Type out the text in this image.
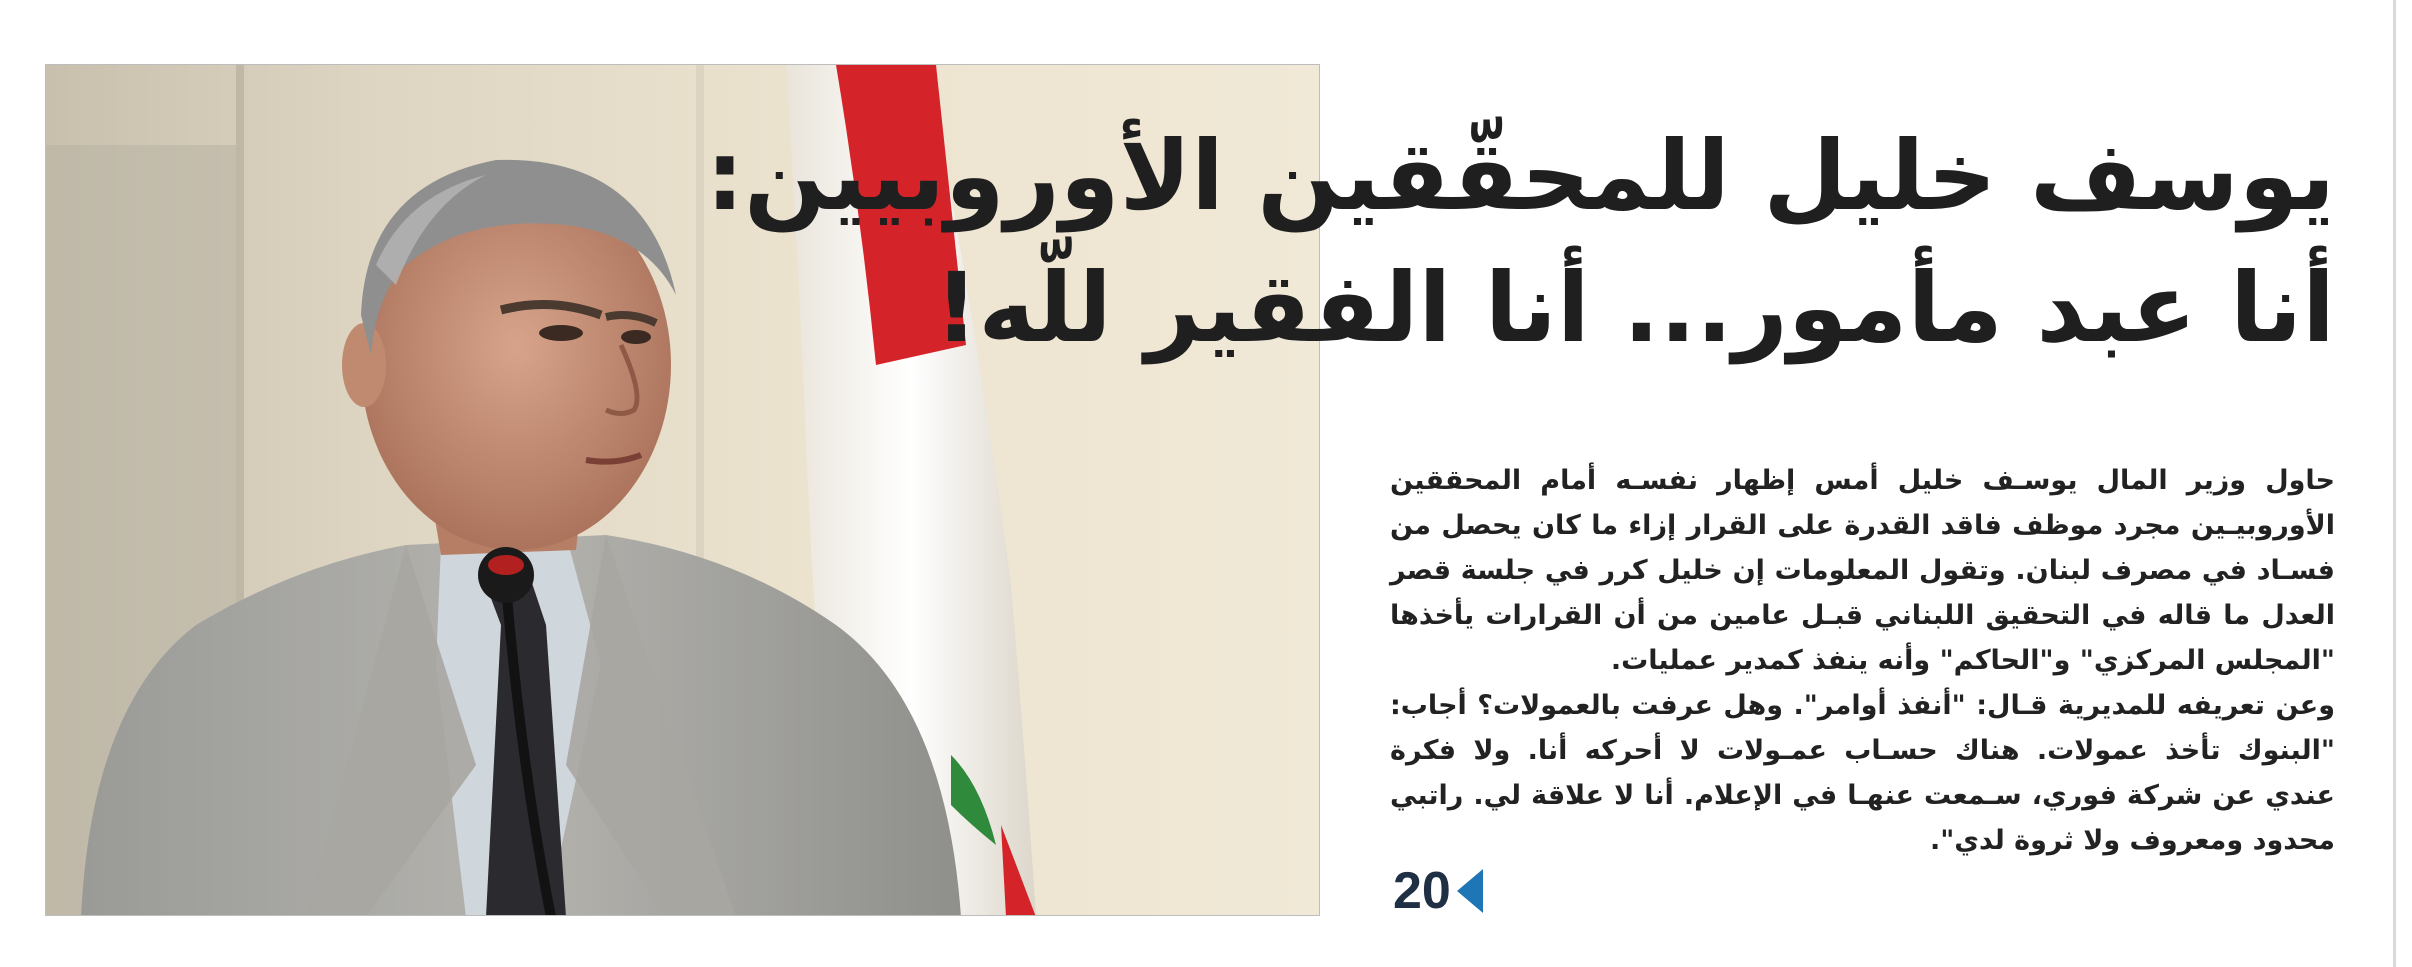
يوسف خليل للمحقّقين الأوروبيين:
أنا عبد مأمور... أنا الفقير للّه!

حاول وزير المال يوسـف خليل أمس إظهار نفسـه أمام المحققين الأوروبيـين مجرد موظف فاقد القدرة على القرار إزاء ما كان يحصل من فسـاد في مصرف لبنان. وتقول المعلومات إن خليل كرر في جلسة قصر العدل ما قاله في التحقيق اللبناني قبـل عامين من أن القرارات يأخذها "المجلس المركزي" و"الحاكم" وأنه ينفذ كمدير عمليات.

وعن تعريفه للمديرية قـال: "أنفذ أوامر". وهل عرفت بالعمولات؟ أجاب: "البنوك تأخذ عمولات. هناك حسـاب عمـولات لا أحركه أنا. ولا فكرة عندي عن شركة فوري، سـمعت عنهـا في الإعلام. أنا لا علاقة لي. راتبي محدود ومعروف ولا ثروة لدي".

20
